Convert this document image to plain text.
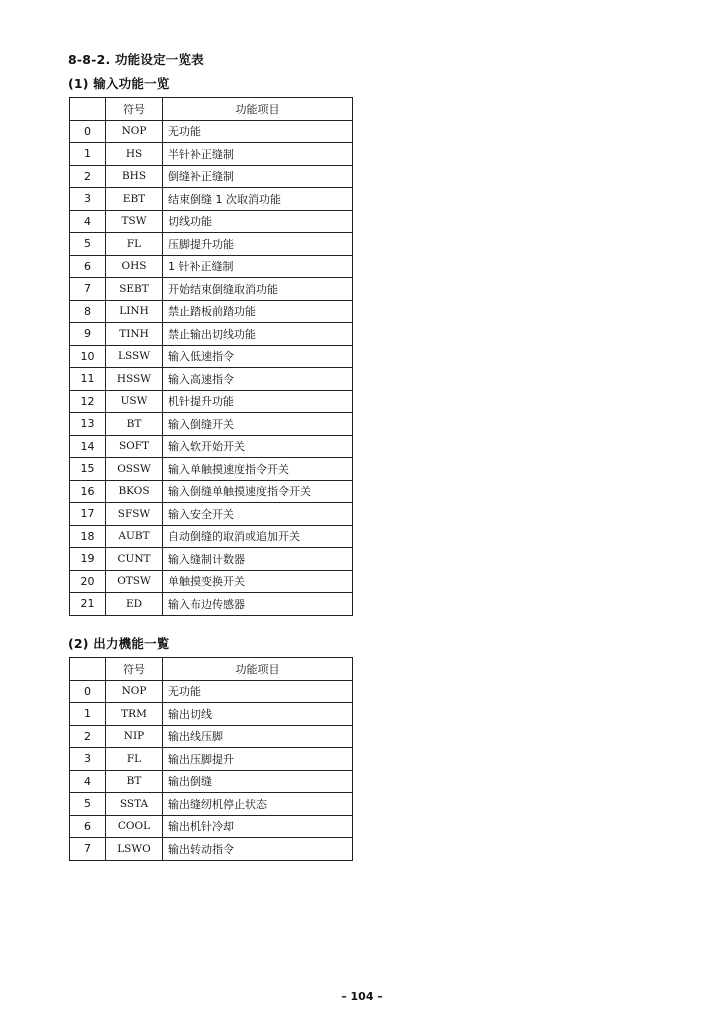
8-8-2. 功能设定一览表
(1) 输入功能一览
	符号	功能项目
0	NOP	无功能
1	HS	半针补正缝制
2	BHS	倒缝补正缝制
3	EBT	结束倒缝 1 次取消功能
4	TSW	切线功能
5	FL	压脚提升功能
6	OHS	1 针补正缝制
7	SEBT	开始结束倒缝取消功能
8	LINH	禁止踏板前踏功能
9	TINH	禁止输出切线功能
10	LSSW	输入低速指令
11	HSSW	输入高速指令
12	USW	机针提升功能
13	BT	输入倒缝开关
14	SOFT	输入软开始开关
15	OSSW	输入单触摸速度指令开关
16	BKOS	输入倒缝单触摸速度指令开关
17	SFSW	输入安全开关
18	AUBT	自动倒缝的取消或追加开关
19	CUNT	输入缝制计数器
20	OTSW	单触摸变换开关
21	ED	输入布边传感器
(2) 出力機能一覧
	符号	功能项目
0	NOP	无功能
1	TRM	输出切线
2	NIP	输出线压脚
3	FL	输出压脚提升
4	BT	输出倒缝
5	SSTA	输出缝纫机停止状态
6	COOL	输出机针冷却
7	LSWO	输出转动指令
– 104 –
